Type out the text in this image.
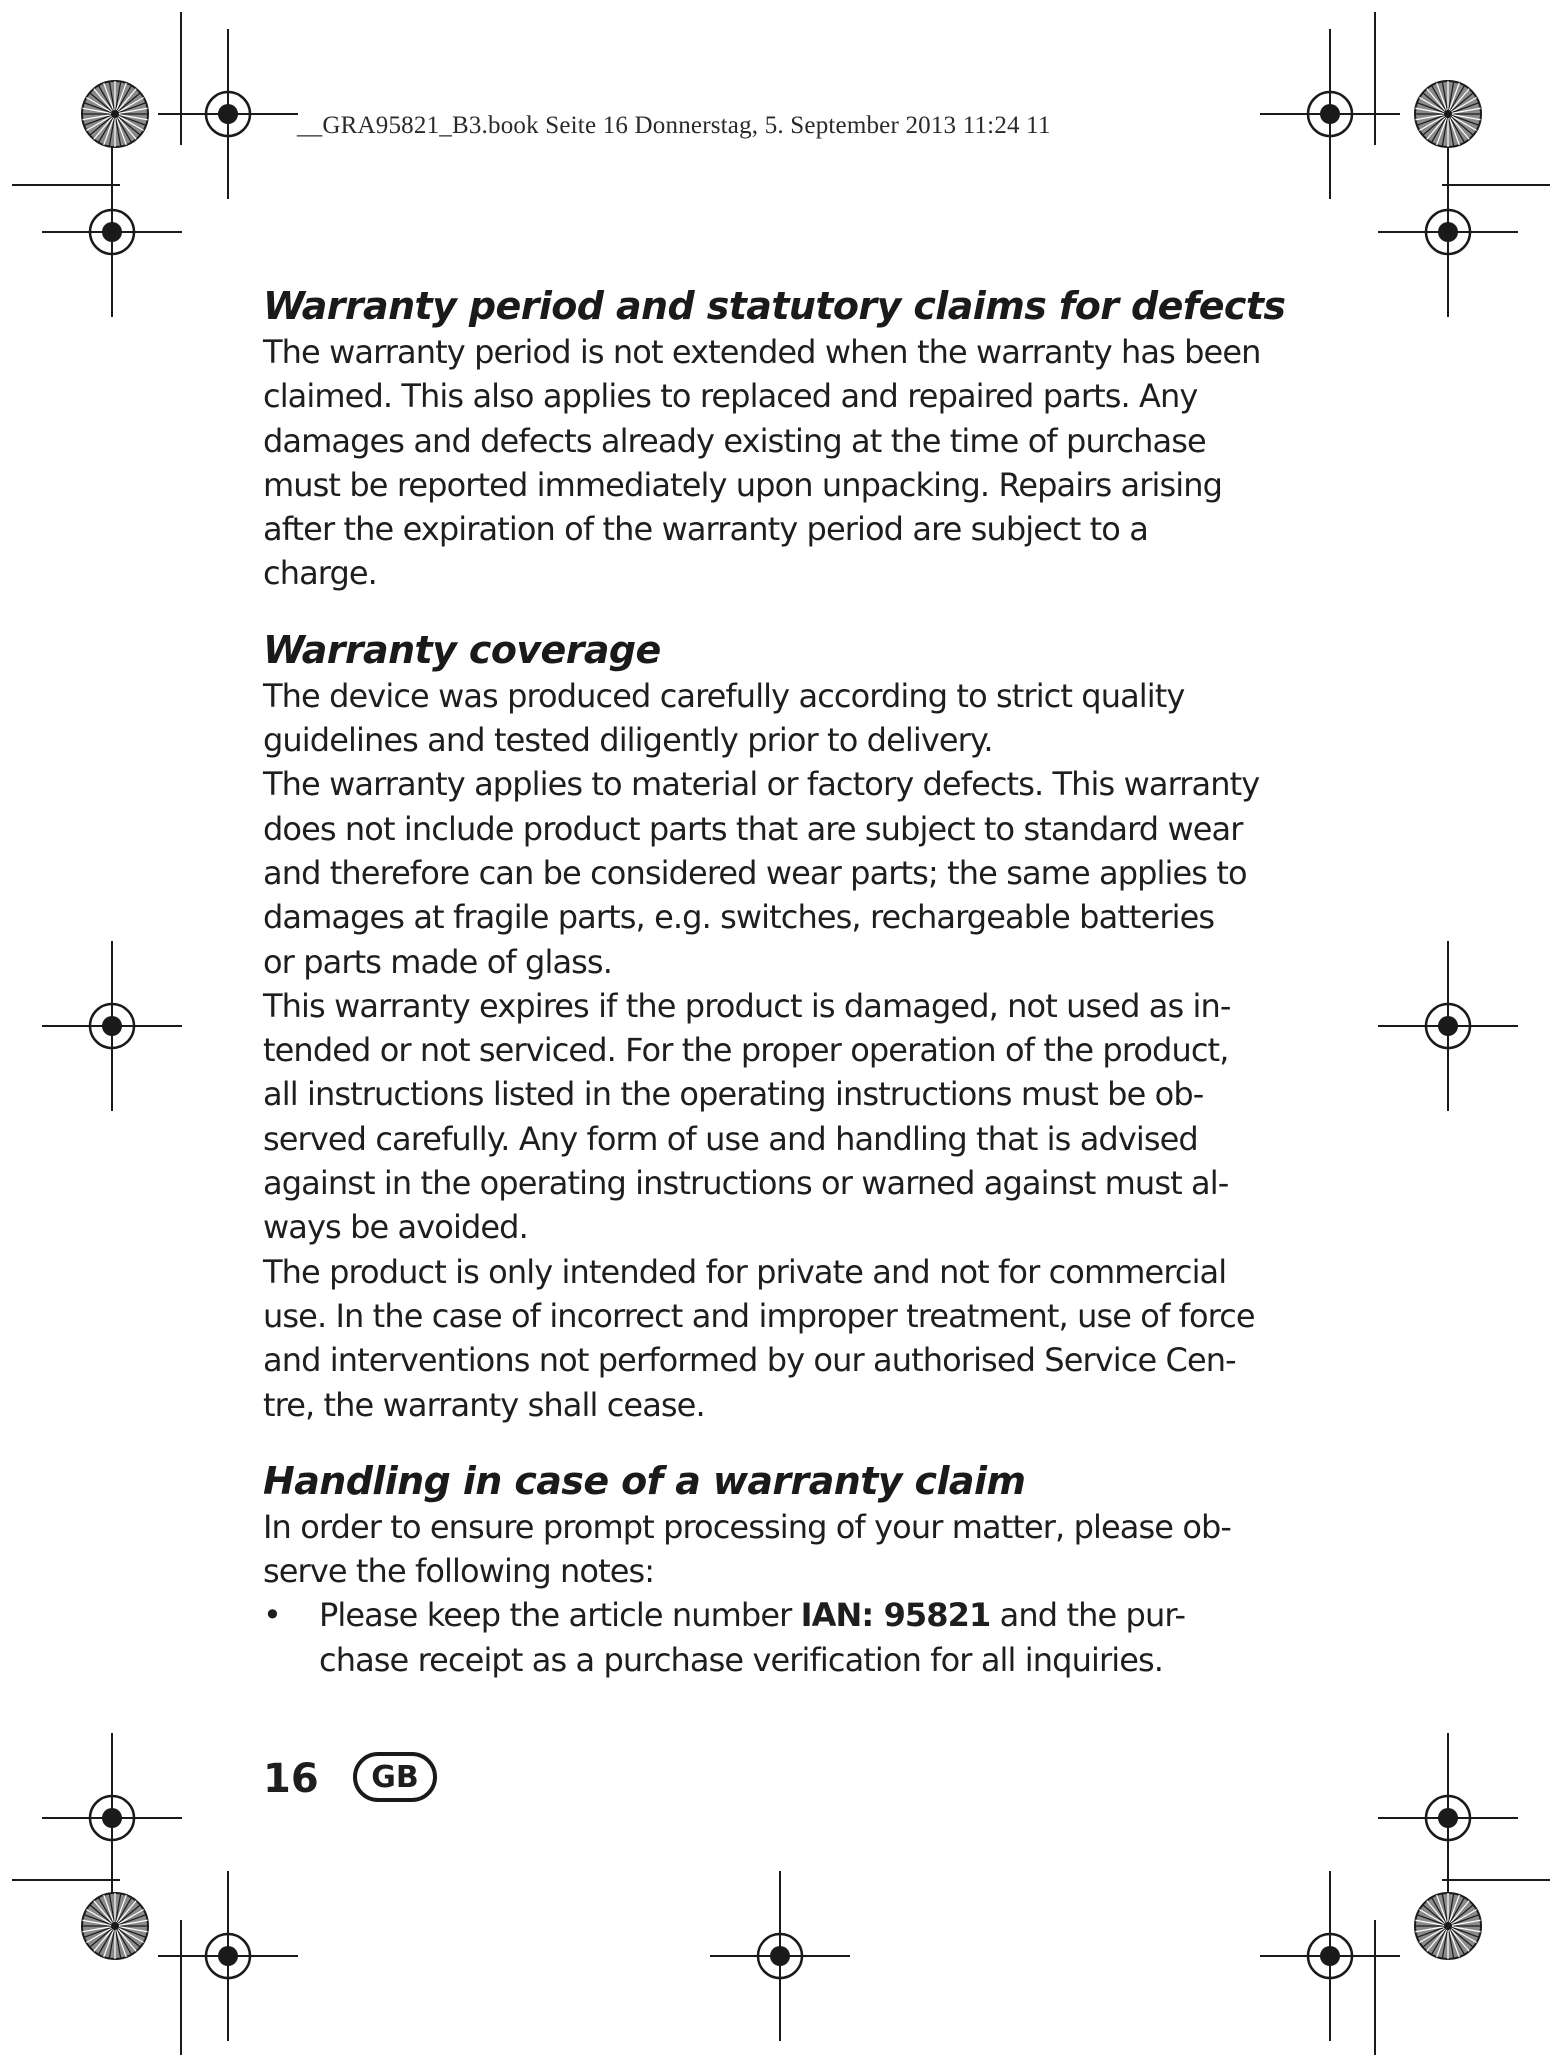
__GRA95821_B3.book Seite 16 Donnerstag, 5. September 2013 11:24 11
Warranty period and statutory claims for defects

The warranty period is not extended when the warranty has been

claimed. This also applies to replaced and repaired parts. Any

damages and defects already existing at the time of purchase

must be reported immediately upon unpacking. Repairs arising

after the expiration of the warranty period are subject to a

charge.

Warranty coverage

The device was produced carefully according to strict quality

guidelines and tested diligently prior to delivery.

The warranty applies to material or factory defects. This warranty

does not include product parts that are subject to standard wear

and therefore can be considered wear parts; the same applies to

damages at fragile parts, e.g. switches, rechargeable batteries

or parts made of glass.

This warranty expires if the product is damaged, not used as in-

tended or not serviced. For the proper operation of the product,

all instructions listed in the operating instructions must be ob-

served carefully. Any form of use and handling that is advised

against in the operating instructions or warned against must al-

ways be avoided.

The product is only intended for private and not for commercial

use. In the case of incorrect and improper treatment, use of force

and interventions not performed by our authorised Service Cen-

tre, the warranty shall cease.

Handling in case of a warranty claim

In order to ensure prompt processing of your matter, please ob-

serve the following notes:

• Please keep the article number IAN: 95821 and the pur-

chase receipt as a purchase verification for all inquiries.

16	GB
